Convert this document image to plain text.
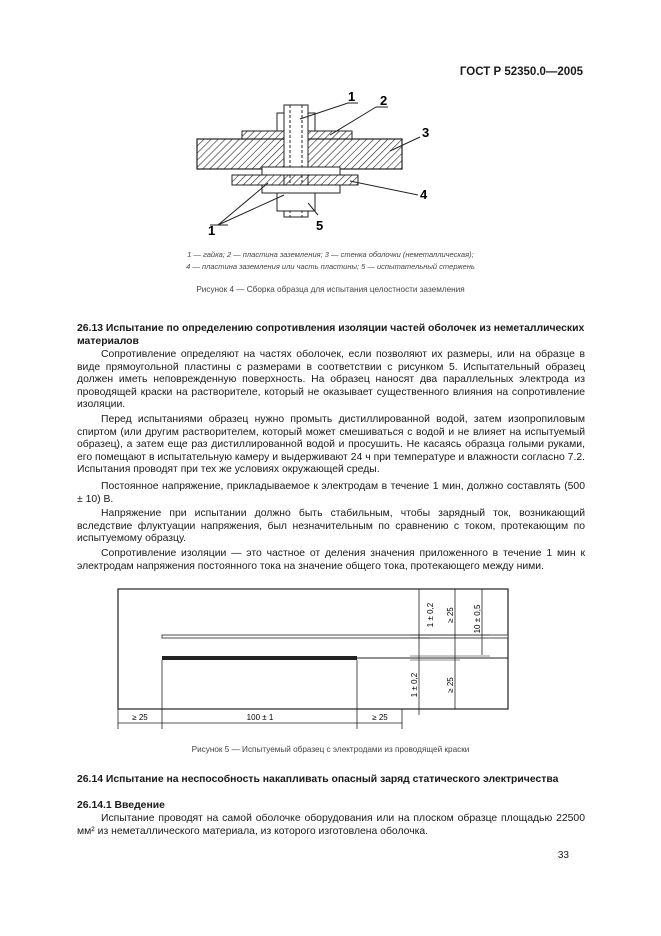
ГОСТ Р 52350.0—2005
1 2
3
4
1	5
1 — гайка; 2 — пластина заземления; 3 — стенка оболочки (неметаллическая);
4 — пластина заземления или часть пластины; 5 — испытательный стержень
Рисунок 4 — Сборка образца для испытания целостности заземления
26.13 Испытание по определению сопротивления изоляции частей оболочек из неметаллических материалов

Сопротивление определяют на частях оболочек, если позволяют их размеры, или на образце в виде прямоугольной пластины с размерами в соответствии с рисунком 5. Испытательный образец должен иметь неповрежденную поверхность. На образец наносят два параллельных электрода из проводящей краски на растворителе, который не оказывает существенного влияния на сопротивление изоляции.

Перед испытаниями образец нужно промыть дистиллированной водой, затем изопропиловым спиртом (или другим растворителем, который может смешиваться с водой и не влияет на испытуемый образец), а затем еще раз дистиллированной водой и просушить. Не касаясь образца голыми руками, его помещают в испытательную камеру и выдерживают 24 ч при температуре и влажности согласно 7.2. Испытания проводят при тех же условиях окружающей среды.

Постоянное напряжение, прикладываемое к электродам в течение 1 мин, должно составлять (500 ± 10) В.

Напряжение при испытании должно быть стабильным, чтобы зарядный ток, возникающий вследствие флуктуации напряжения, был незначительным по сравнению с током, протекающим по испытуемому образцу.

Сопротивление изоляции — это частное от деления значения приложенного в течение 1 мин к электродам напряжения постоянного тока на значение общего тока, протекающего между ними.

1 ± 0,2 ≥ 25 10 ± 0,5
1 ± 0,2	≥ 25
≥ 25	100 ± 1	≥ 25
Рисунок 5 — Испытуемый образец с электродами из проводящей краски
26.14 Испытание на неспособность накапливать опасный заряд статического электричества
26.14.1 Введение

Испытание проводят на самой оболочке оборудования или на плоском образце площадью 22500 мм² из неметаллического материала, из которого изготовлена оболочка.

33
